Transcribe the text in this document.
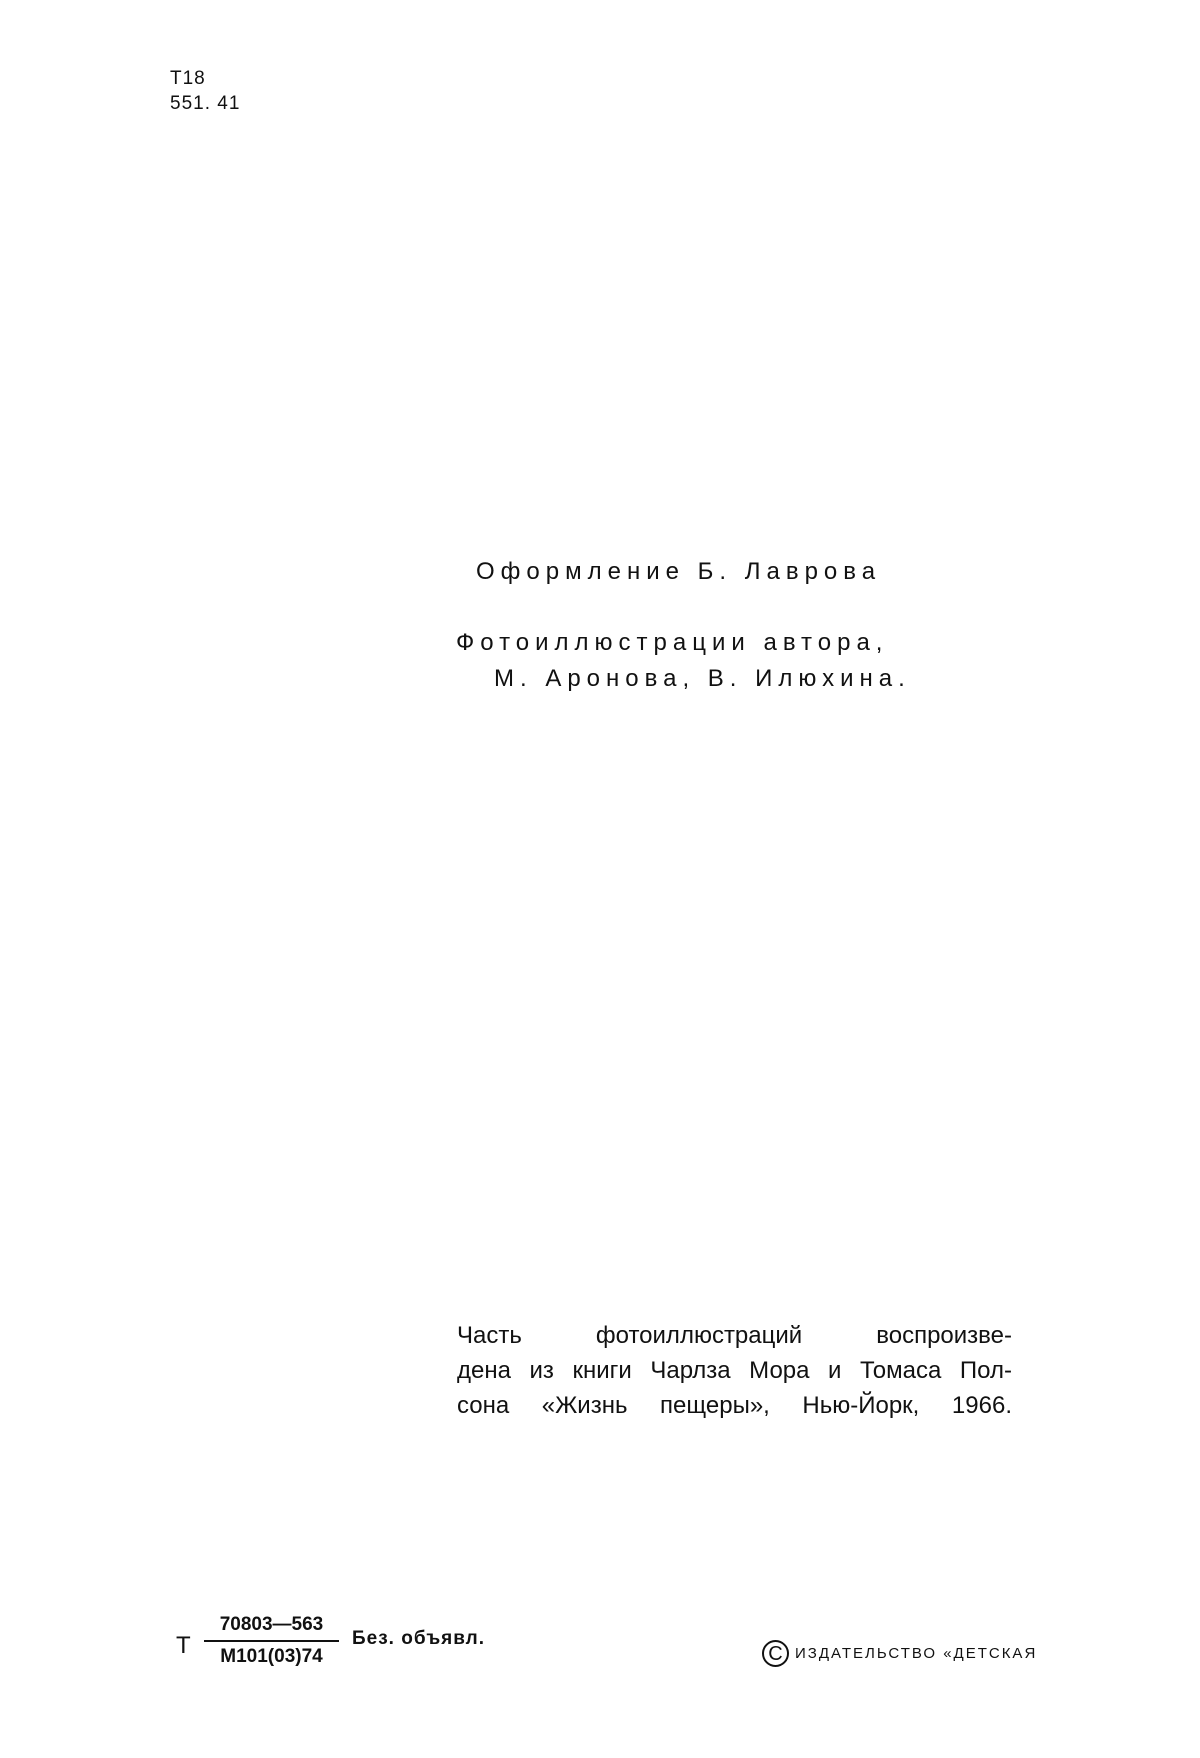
Т18
551. 41
Оформление Б. Лаврова
Фотоиллюстрации автора,
М. Аронова, В. Илюхина.
Часть фотоиллюстраций воспроизве-
дена из книги Чарлза Мора и Томаса Пол-
сона «Жизнь пещеры», Нью-Йорк, 1966.
Т
70803—563
М101(03)74
Без. объявл.
C ИЗДАТЕЛЬСТВО «ДЕТСКАЯ
